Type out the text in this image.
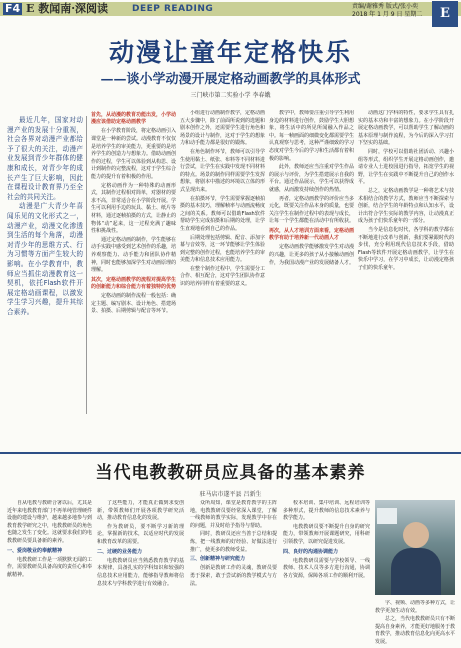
F4 E 教闻南·深阅读	DEEP READING	责编/谢雅秀 版式/张小奕
2018 年 1 月 9 日 星期二	E
动漫让童年定格快乐
——谈小学动漫开展定格动画教学的具体形式
三门峡市第二实验小学 李春娥

最近几年，国家对动漫产业的发展十分重视，社会各界对动漫产业都给予了很大的关注，动漫产业发展到青少年群体的健康和成长，对青少年的成长产生了巨大影响，因此在课程设计教育界乃至全社会的共同关注。

动漫是广大青少年喜闻乐见的文化形式之一，动漫产业，动漫文化渗透到生活的每个角落，动漫对青少年的思维方式、行为习惯等方面产生较大的影响。在小学教育中，教师应当抓住动漫教育这一契机，依托Flash软件开展定格动画课程，以激发学生学习兴趣，提升其综合素养。

首先，从动漫的教育功能出发，小学动漫应该借助定格动画教学

在小学教育阶段，将定格动画引入课堂是一种新的尝试。动漫教育不仅仅是培养学生的审美能力，更重要的是培养学生的创造力与想象力。借助动画创作的过程，学生可以体验到从构思、设计到制作的完整流程，这对于学生综合能力的提升有着积极的作用。

定格动画作为一种特殊的动画形式，其制作过程相对简单，对器材的要求不高，非常适合在小学阶段开展。学生可以利用手边的玩具、黏土、纸片等材料，通过逐帧拍摄的方式，让静止的物体“动”起来，这一过程充满了趣味性和挑战性。

通过定格动画的制作，学生能够在动手实践中感受到艺术创作的乐趣，培养观察能力、动手能力和团队协作精神，同时也能够加深学生对动画原理的理解。

其次，定格动画教学的流程对提高学生的创新能力和综合能力有着独特的优势

定格动画的制作流程一般包括：确定主题、编写剧本、设计角色、搭建场景、拍摄、后期剪辑与配音等环节。

小组进行动画制作教学，定格动画五大步骤中，除了前面所说到的选题和剧本创作之外，还需要学生进行角色和场景的设计与制作，这对于学生的想象力和动手能力都是很好的锻炼。

在角色制作环节，教师可以引导学生使用黏土、纸张、布料等不同材料进行尝试，让学生在实践中发现不同材料的特点。场景的制作同样需要学生发挥想象，将剧本中描述的环境以立体的形式呈现出来。

在拍摄环节，学生需要掌握逐帧拍摄的基本技巧，理解帧率与动画流畅度之间的关系。教师可以借助Flash软件帮助学生完成拍摄和后期的处理，让学生直观地看到自己的作品。

后期处理包括剪辑、配音、添加字幕与音效等，这一环节能够让学生体验到完整的创作过程，也能培养学生的审美能力和信息技术应用能力。

在整个制作过程中，学生需要分工合作、相互配合，这对学生团队协作意识的培养同样有着重要的意义。

教学中，教师要注重引导学生利用身边的材料进行创作，鼓励学生大胆想象，将生活中的所见所闻融入作品之中。每一帧画面的细微变化都需要学生认真观察与思考，这种严谨细致的学习态度对学生今后的学习和生活都有着积极的影响。

此外，教师还应当注重对学生作品的展示与评价，为学生搭建展示自我的平台。通过作品展示，学生可以获得成就感，从而激发持续创作的热情。

再者，定格动画教学的评价应当多元化，既要关注作品本身的质量，也要关注学生在制作过程中的表现与成长，让每一个学生都能在活动中有所收获。

再次，从人才培训方面来看，定格动画教学有助于培养新一代动画人才

定格动画教学能够激发学生对动漫的兴趣，让更多的孩子从小接触动画创作，为我国动漫产业的发展储备人才。

动画这门学科的特性，要求学生具有扎实的基本功和丰富的想象力。在小学阶段开展定格动画教学，可以帮助学生了解动画的基本原理与制作流程，为今后的深入学习打下坚实的基础。

同时，学校可以借助社团活动、兴趣小组等形式，组织学生开展定格动画创作，邀请专业人士进校园进行指导，拓宽学生的视野，让学生在实践中不断提升自己的创作水平。

总之，定格动画教学是一种将艺术与技术相结合的教学方式，教师应当不断探索与创新，结合学生的年龄特点和认知水平，设计出符合学生实际的教学内容，让动漫真正成为孩子们快乐童年的一部分。

当今是信息化时代，各学科的教学都在不断地进行改革与创新，我们要紧跟时代的步伐，充分利用现代信息技术手段，借助Flash等软件开展定格动画教学，让学生在快乐中学习，在学习中成长，让动漫定格孩子们的快乐童年。

当代电教教研员应具备的基本素养
驻马店市遂平县 吕新生

自从电教与教研合署以后，尤其是近年来电教教育部门不再单纯管理硬件设施的建设与维护，越来越多地参与到教育教学研究之中，电教教研员的角色也随之发生了变化。这就要求我们的电教教研员要具备新的素养。

一、爱岗敬业的奉献精神

电教教研工作是一项默默无闻的工作，需要教研员具备高度的责任心和奉献精神。

了这些能力，才能真正做到求变创新，带领教师们开展各项教学研究活动，推动教育信息化的发展。

作为教研员，要不断学习新的理论，掌握新的技术，以适应时代的发展和教育改革的需要。

二、过硬的业务能力

电教教研员应当熟悉教育教学的基本规律，具备扎实的学科知识和较强的信息技术应用能力，能够指导教师将信息技术与学科教学进行有效融合。

众所周知，课堂是教育教学的主阵地，电教教研员要经常深入课堂，了解一线教师的教学实际，发现教学中存在的问题，并及时给予指导与帮助。

同时，教研员还应当善于总结和提炼，把一线教师的好经验、好做法进行推广，使更多的教师受益。

三、创新精神与研究能力

创新是教研工作的灵魂，教研员要勇于探索，敢于尝试新的教学模式与方法。

校本培训、集中培训、远程培训等多种形式，提升教师的信息技术素养与教学能力。

电教教研员要不断提升自身的研究能力，带领教师开展课题研究，用科研引领教学，以研究促进发展。

四、良好的沟通协调能力

电教教研员需要与学校领导、一线教师、技术人员等多方进行沟通，协调各方资源，保障各项工作的顺利开展。

字、视频、动画等多种方式，让教学更加生动有效。

总之，当代电教教研员只有不断提高自身素养，才能更好地服务于教育教学，推动教育信息化向更高水平发展。
